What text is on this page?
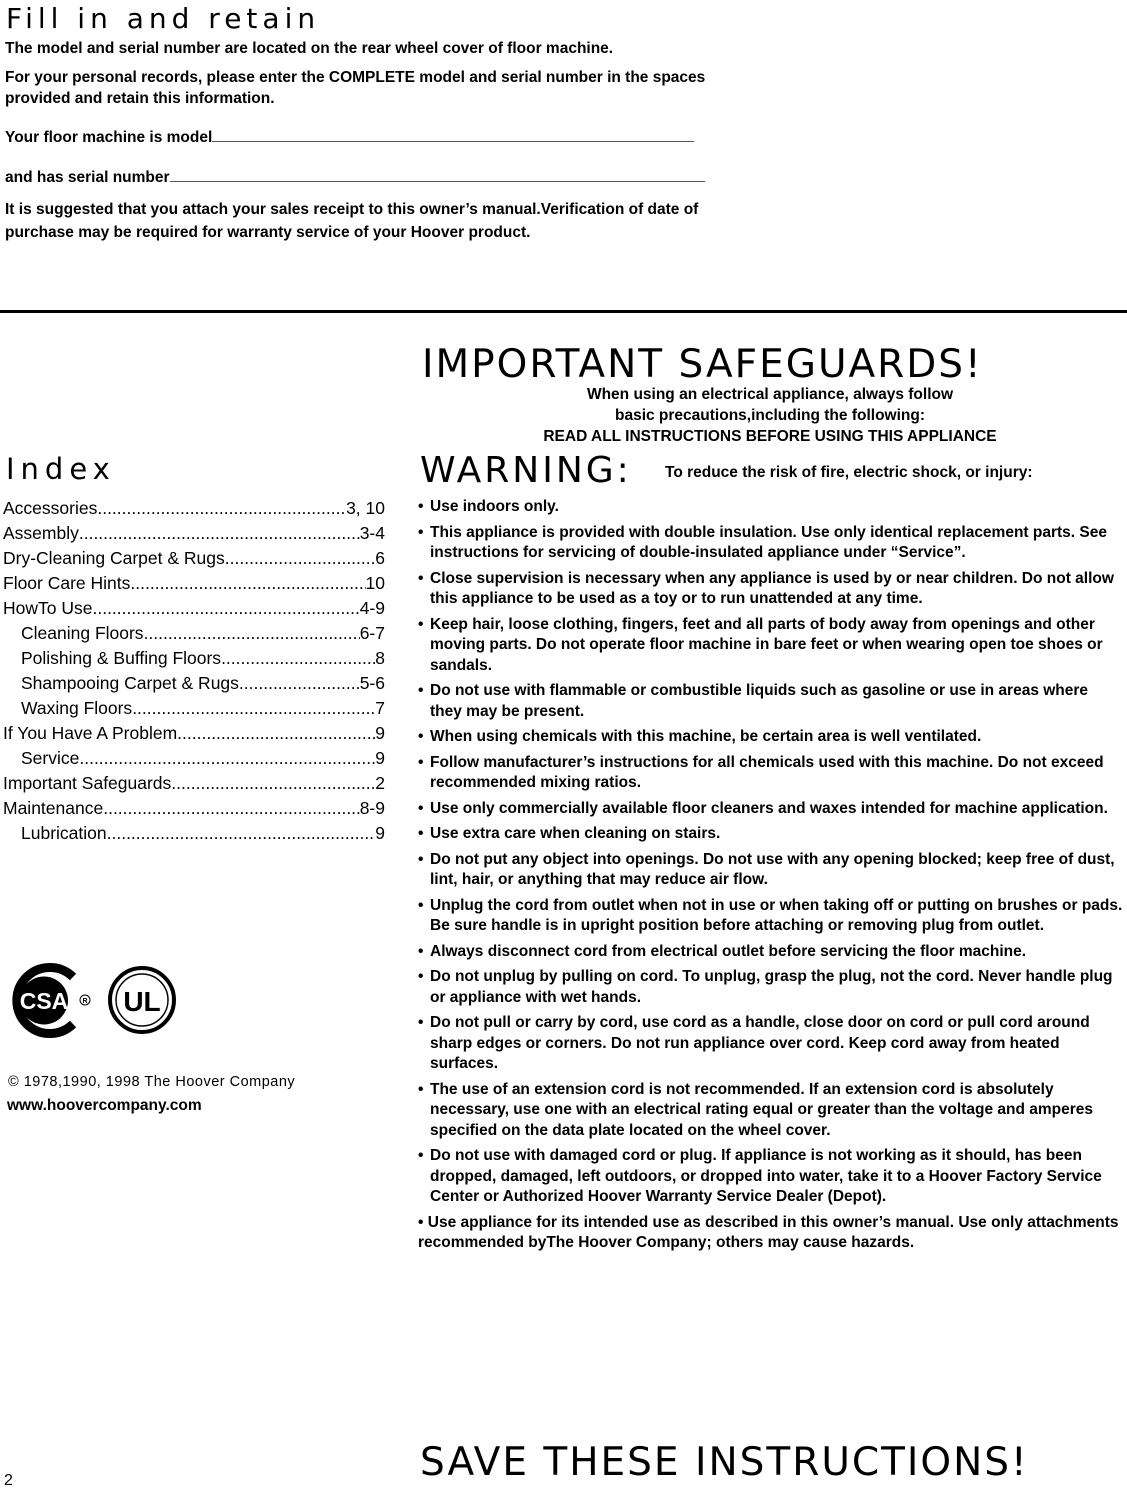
Fill in and retain
The model and serial number are located on the rear wheel cover of floor machine.
For your personal records, please enter the COMPLETE model and serial number in the spaces provided and retain this information.
Your floor machine is model
and has serial number
It is suggested that you attach your sales receipt to this owner’s manual.Verification of date of purchase may be required for warranty service of your Hoover product.
IMPORTANT SAFEGUARDS!
When using an electrical appliance, always follow
basic precautions,including the following:
READ ALL INSTRUCTIONS BEFORE USING THIS APPLIANCE
Index
Accessories .....	3, 10
Assembly .....	3-4
Dry-Cleaning Carpet & Rugs .....	6
Floor Care Hints .....	10
HowTo Use .....	4-9
Cleaning Floors .....	6-7
Polishing & Buffing Floors .....	8
Shampooing Carpet & Rugs .....	5-6
Waxing Floors .....	7
If You Have A Problem .....	9
Service .....	9
Important Safeguards .....	2
Maintenance .....	8-9
Lubrication .....	9
CSA R UL
© 1978,1990, 1998 The Hoover Company
www.hoovercompany.com
2
WARNING: To reduce the risk of fire, electric shock, or injury:
• Use indoors only.
• This appliance is provided with double insulation. Use only identical replacement parts. See instructions for servicing of double-insulated appliance under “Service”.
• Close supervision is necessary when any appliance is used by or near children. Do not allow this appliance to be used as a toy or to run unattended at any time.
• Keep hair, loose clothing, fingers, feet and all parts of body away from openings and other moving parts. Do not operate floor machine in bare feet or when wearing open toe shoes or sandals.
• Do not use with flammable or combustible liquids such as gasoline or use in areas where they may be present.
• When using chemicals with this machine, be certain area is well ventilated.
• Follow manufacturer’s instructions for all chemicals used with this machine. Do not exceed recommended mixing ratios.
• Use only commercially available floor cleaners and waxes intended for machine application.
• Use extra care when cleaning on stairs.
• Do not put any object into openings. Do not use with any opening blocked; keep free of dust, lint, hair, or anything that may reduce air flow.
• Unplug the cord from outlet when not in use or when taking off or putting on brushes or pads. Be sure handle is in upright position before attaching or removing plug from outlet.
• Always disconnect cord from electrical outlet before servicing the floor machine.
• Do not unplug by pulling on cord. To unplug, grasp the plug, not the cord. Never handle plug or appliance with wet hands.
• Do not pull or carry by cord, use cord as a handle, close door on cord or pull cord around sharp edges or corners. Do not run appliance over cord. Keep cord away from heated surfaces.
• The use of an extension cord is not recommended. If an extension cord is absolutely necessary, use one with an electrical rating equal or greater than the voltage and amperes specified on the data plate located on the wheel cover.
• Do not use with damaged cord or plug. If appliance is not working as it should, has been dropped, damaged, left outdoors, or dropped into water, take it to a Hoover Factory Service Center or Authorized Hoover Warranty Service Dealer (Depot).
• Use appliance for its intended use as described in this owner’s manual. Use only attachments recommended byThe Hoover Company; others may cause hazards.
SAVE THESE INSTRUCTIONS!
